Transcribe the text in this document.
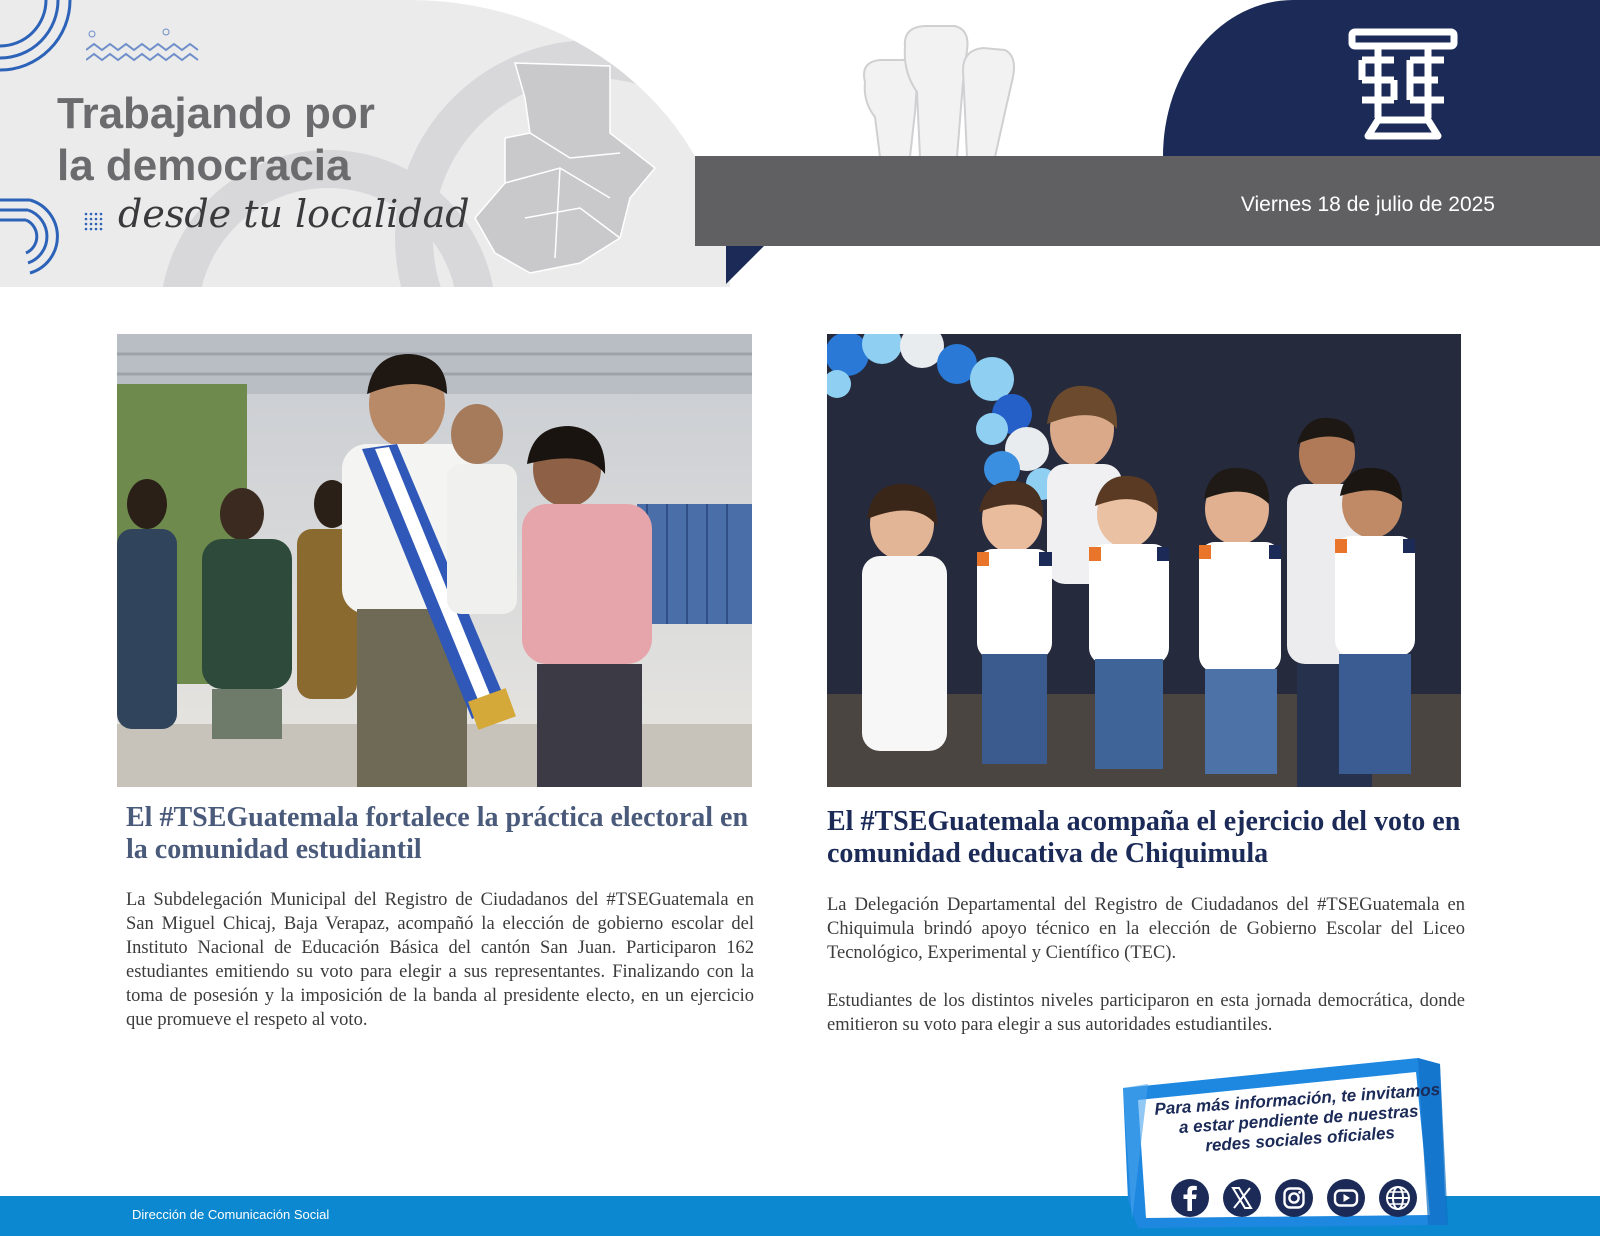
Trabajando por
la democracia
desde tu localidad	Viernes 18 de julio de 2025
El #TSEGuatemala fortalece la práctica electoral en la comunidad estudiantil

La Subdelegación Municipal del Registro de Ciudadanos del #TSEGuatemala en San Miguel Chicaj, Baja Verapaz, acompañó la elección de gobierno escolar del Instituto Nacional de Educación Básica del cantón San Juan. Participaron 162 estudiantes emitiendo su voto para elegir a sus representantes. Finalizando con la toma de posesión y la imposición de la banda al presidente electo, en un ejercicio que promueve el respeto al voto.

El #TSEGuatemala acompaña el ejercicio del voto en comunidad educativa de Chiquimula

La Delegación Departamental del Registro de Ciudadanos del #TSEGuatemala en Chiquimula brindó apoyo técnico en la elección de Gobierno Escolar del Liceo Tecnológico, Experimental y Científico (TEC).

Estudiantes de los distintos niveles participaron en esta jornada democrática, donde emitieron su voto para elegir a sus autoridades estudiantiles.

Dirección de Comunicación Social

Para más información, te invitamos a estar pendiente de nuestras redes sociales oficiales
